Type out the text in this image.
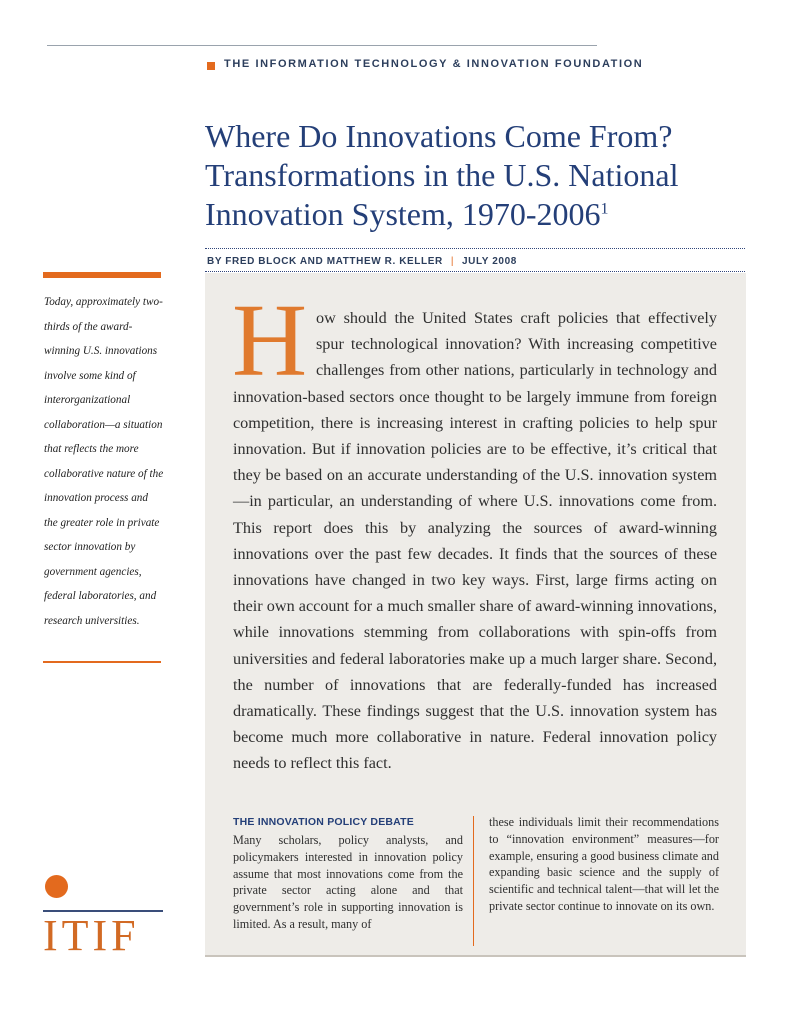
THE INFORMATION TECHNOLOGY & INNOVATION FOUNDATION
Where Do Innovations Come From?
Transformations in the U.S. National
Innovation System, 1970-2006$^1$
BY FRED BLOCK AND MATTHEW R. KELLER | JULY 2008

Today, approximately two-thirds of the award-winning U.S. innovations involve some kind of interorganizational collaboration—a situation that reflects the more collaborative nature of the innovation process and the greater role in private sector innovation by government agencies, federal laboratories, and research universities.

H ow should the United States craft policies that effectively spur technological innovation? With increasing competitive challenges from other nations, particularly in technology and innovation-based sectors once thought to be largely immune from foreign competition, there is increasing interest in crafting policies to help spur innovation. But if innovation policies are to be effective, it’s critical that they be based on an accurate understanding of the U.S. innovation system—in particular, an understanding of where U.S. innovations come from. This report does this by analyzing the sources of award-winning innovations over the past few decades. It finds that the sources of these innovations have changed in two key ways. First, large firms acting on their own account for a much smaller share of award-winning innovations, while innovations stemming from collaborations with spin-offs from universities and federal laboratories make up a much larger share. Second, the number of innovations that are federally-funded has increased dramatically. These findings suggest that the U.S. innovation system has become much more collaborative in nature. Federal innovation policy needs to reflect this fact.

THE INNOVATION POLICY DEBATE

Many scholars, policy analysts, and policymakers interested in innovation policy assume that most innovations come from the private sector acting alone and that government’s role in supporting innovation is limited. As a result, many of

these individuals limit their recommendations to “innovation environment” measures—for example, ensuring a good business climate and expanding basic science and the supply of scientific and technical talent—that will let the private sector continue to innovate on its own.

ITIF
